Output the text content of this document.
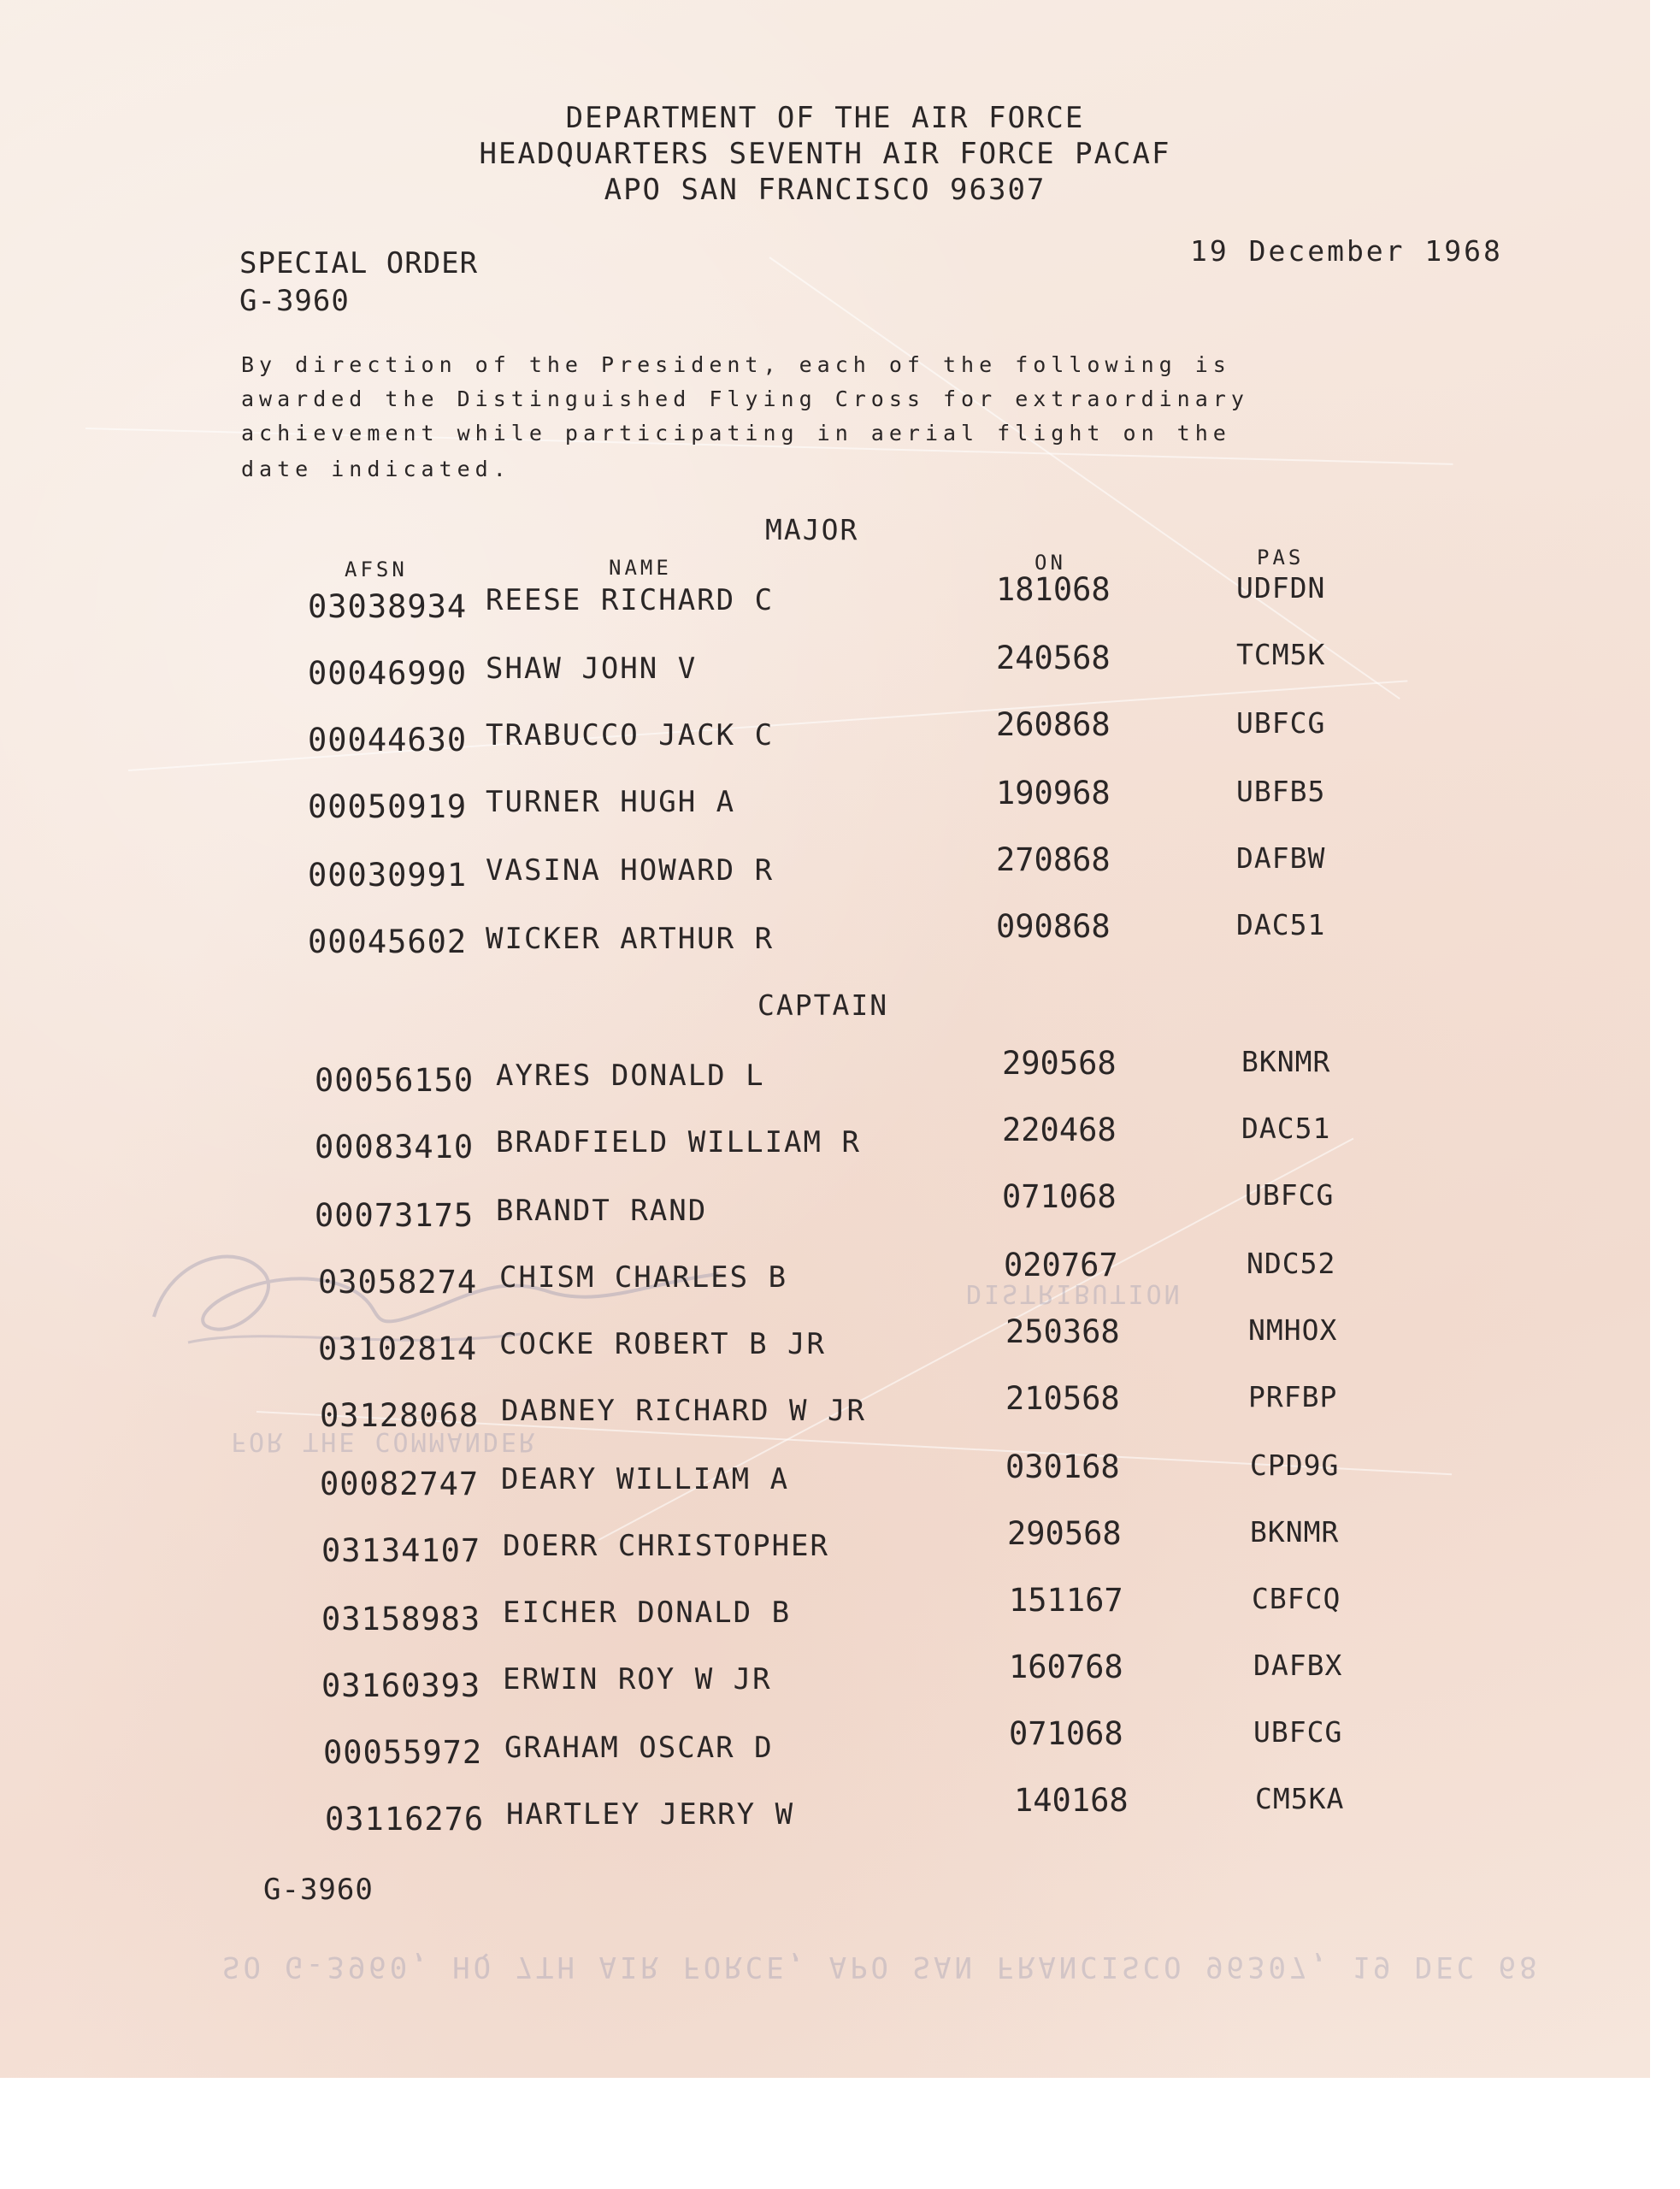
DISTRIBUTION
FOR THE COMMANDER
SO G-3960, HQ 7TH AIR FORCE, APO SAN FRANCISCO 96307, 19 DEC 68
DEPARTMENT OF THE AIR FORCE
HEADQUARTERS SEVENTH AIR FORCE PACAF
APO SAN FRANCISCO 96307
SPECIAL ORDER
G-3960
19 December 1968
By direction of the President, each of the following is
awarded the Distinguished Flying Cross for extraordinary
achievement while participating in aerial flight on the
date indicated.
MAJOR
AFSN	NAME	ON	PAS
03038934 REESE RICHARD C	181068	UDFDN
00046990 SHAW JOHN V	240568	TCM5K
00044630 TRABUCCO JACK C	260868	UBFCG
00050919 TURNER HUGH A	190968	UBFB5
00030991 VASINA HOWARD R	270868	DAFBW
00045602 WICKER ARTHUR R	090868	DAC51
CAPTAIN
00056150 AYRES DONALD L	290568	BKNMR
00083410 BRADFIELD WILLIAM R	220468	DAC51
00073175 BRANDT RAND	071068	UBFCG
03058274 CHISM CHARLES B	020767	NDC52
03102814 COCKE ROBERT B JR	250368	NMHOX
03128068 DABNEY RICHARD W JR	210568	PRFBP
00082747 DEARY WILLIAM A	030168	CPD9G
03134107 DOERR CHRISTOPHER	290568	BKNMR
03158983 EICHER DONALD B	151167	CBFCQ
03160393 ERWIN ROY W JR	160768	DAFBX
00055972 GRAHAM OSCAR D	071068	UBFCG
03116276 HARTLEY JERRY W	140168	CM5KA
G-3960
